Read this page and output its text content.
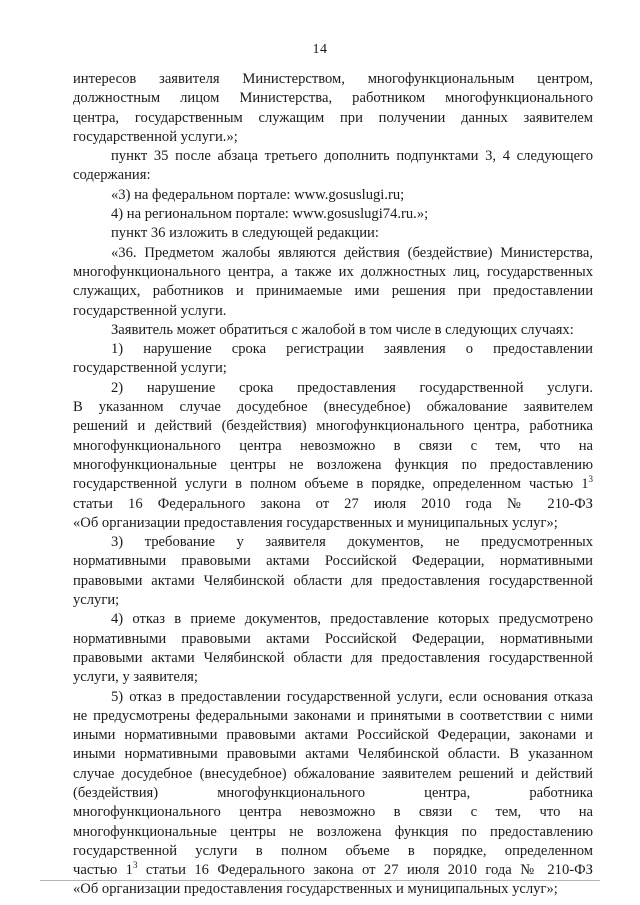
14

интересов заявителя Министерством, многофункциональным центром,
должностным лицом Министерства, работником многофункционального
центра, государственным служащим при получении данных заявителем
государственной услуги.»;

пункт 35 после абзаца третьего дополнить подпунктами 3, 4 следующего
содержания:

«3) на федеральном портале: www.gosuslugi.ru;

4) на региональном портале: www.gosuslugi74.ru.»;

пункт 36 изложить в следующей редакции:

«36. Предметом жалобы являются действия (бездействие) Министерства,
многофункционального центра, а также их должностных лиц, государственных
служащих, работников и принимаемые ими решения при предоставлении
государственной услуги.

Заявитель может обратиться с жалобой в том числе в следующих случаях:

1) нарушение срока регистрации заявления о предоставлении
государственной услуги;

2) нарушение срока предоставления государственной услуги.
В указанном случае досудебное (внесудебное) обжалование заявителем
решений и действий (бездействия) многофункционального центра, работника
многофункционального центра невозможно в связи с тем, что на
многофункциональные центры не возложена функция по предоставлению
государственной услуги в полном объеме в порядке, определенном частью $1^3$
статьи 16 Федерального закона от 27 июля 2010 года № 210-ФЗ
«Об организации предоставления государственных и муниципальных услуг»;

3) требование у заявителя документов, не предусмотренных
нормативными правовыми актами Российской Федерации, нормативными
правовыми актами Челябинской области для предоставления государственной
услуги;

4) отказ в приеме документов, предоставление которых предусмотрено
нормативными правовыми актами Российской Федерации, нормативными
правовыми актами Челябинской области для предоставления государственной
услуги, у заявителя;

5) отказ в предоставлении государственной услуги, если основания отказа
не предусмотрены федеральными законами и принятыми в соответствии с ними
иными нормативными правовыми актами Российской Федерации, законами и
иными нормативными правовыми актами Челябинской области. В указанном
случае досудебное (внесудебное) обжалование заявителем решений и действий
(бездействия) многофункционального центра, работника
многофункционального центра невозможно в связи с тем, что на
многофункциональные центры не возложена функция по предоставлению
государственной услуги в полном объеме в порядке, определенном
частью $1^3$ статьи 16 Федерального закона от 27 июля 2010 года № 210-ФЗ
«Об организации предоставления государственных и муниципальных услуг»;
